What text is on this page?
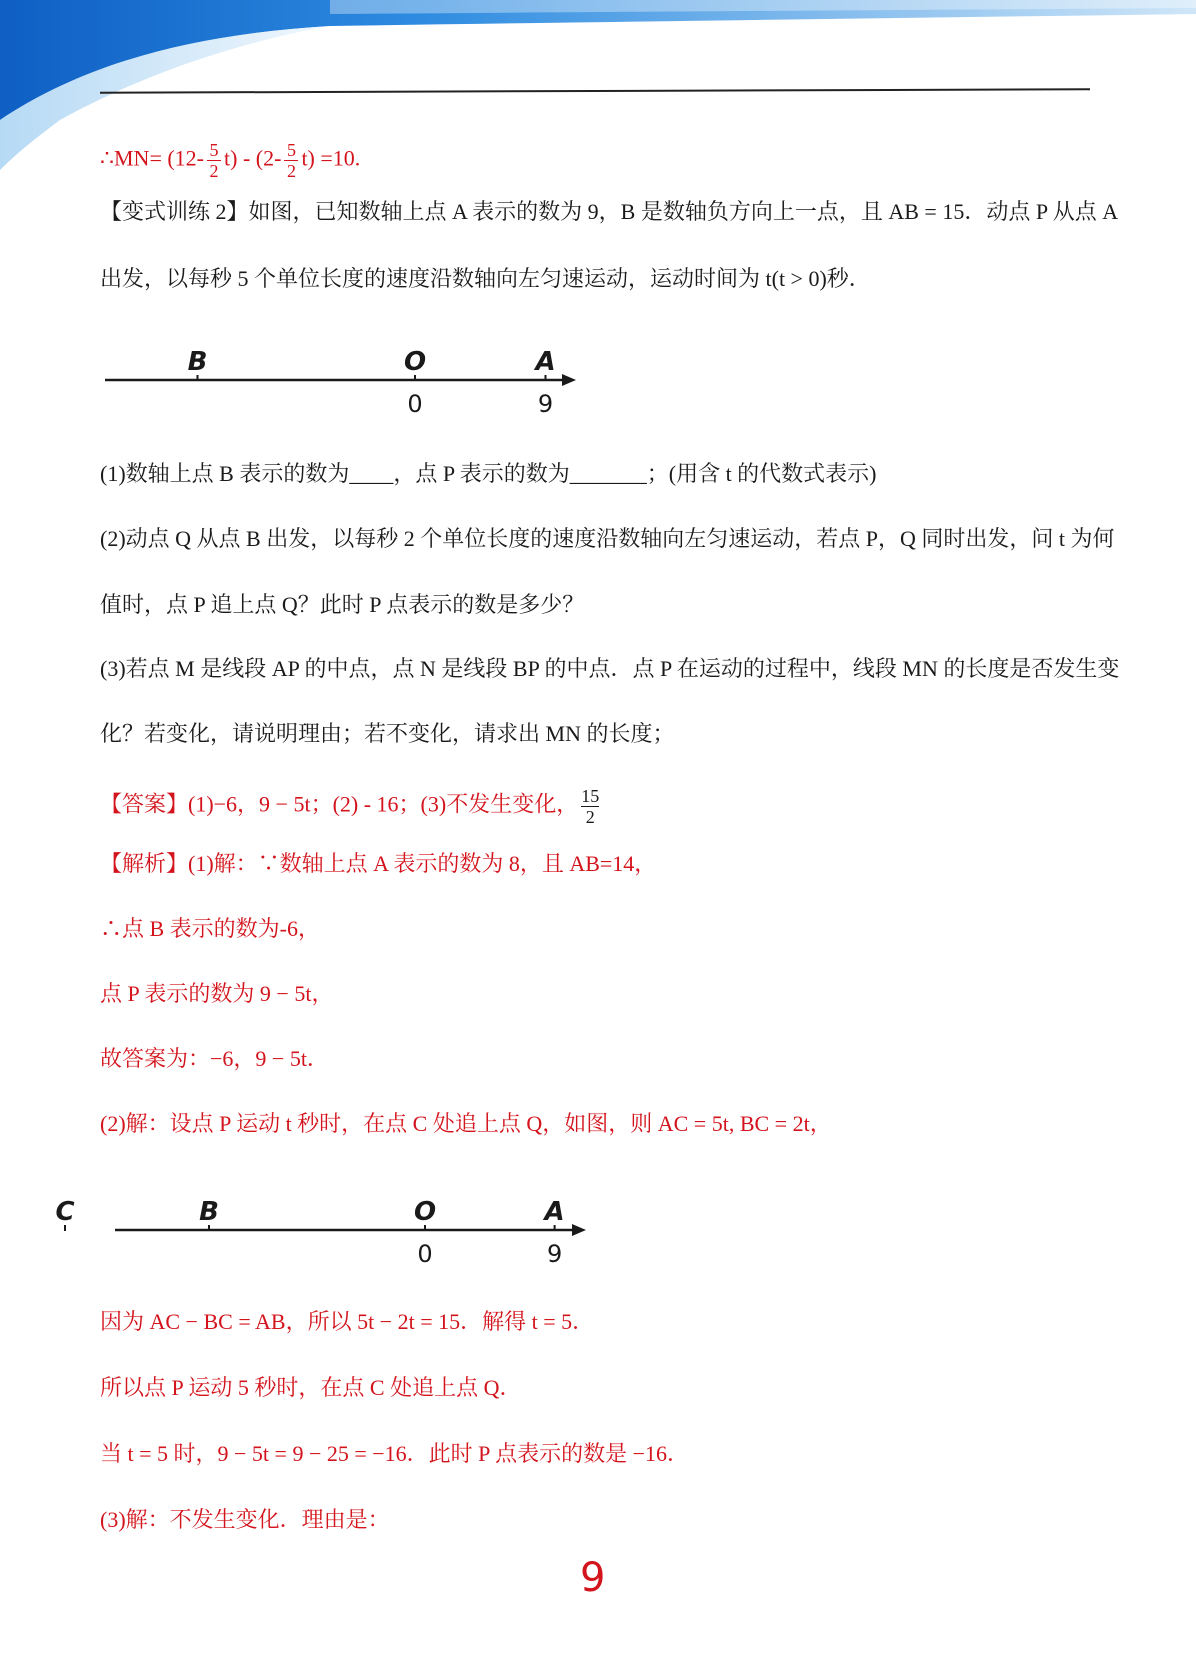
∴MN= $(12- \frac{5}{2} t) - (2- \frac{5}{2} t) =10$.
【变式训练 2】如图，已知数轴上点 A 表示的数为 9，B 是数轴负方向上一点，且 AB = 15．动点 P 从点 A
出发，以每秒 5 个单位长度的速度沿数轴向左匀速运动，运动时间为 t(t > 0)秒．
B	O
0
A
9
(1)数轴上点 B 表示的数为____，点 P 表示的数为_______；(用含 t 的代数式表示)
(2)动点 Q 从点 B 出发，以每秒 2 个单位长度的速度沿数轴向左匀速运动，若点 P，Q 同时出发，问 t 为何
值时，点 P 追上点 Q？此时 P 点表示的数是多少？
(3)若点 M 是线段 AP 的中点，点 N 是线段 BP 的中点．点 P 在运动的过程中，线段 MN 的长度是否发生变
化？若变化，请说明理由；若不变化，请求出 MN 的长度；
【答案】(1)−6，9 − 5t；(2) - 16；(3)不发生变化， $\frac{15}{2}$
【解析】(1)解：∵数轴上点 A 表示的数为 8，且 AB=14，
∴点 B 表示的数为-6，
点 P 表示的数为 9 − 5t，
故答案为：−6，9 − 5t．
(2)解：设点 P 运动 t 秒时，在点 C 处追上点 Q，如图，则 AC = 5t, BC = 2t，
C	B	O
0
A
9
因为 AC − BC = AB，所以 5t − 2t = 15．解得 t = 5．
所以点 P 运动 5 秒时，在点 C 处追上点 Q．
当 t = 5 时，9 − 5t = 9 − 25 = −16．此时 P 点表示的数是 −16．
(3)解：不发生变化．理由是：
9
